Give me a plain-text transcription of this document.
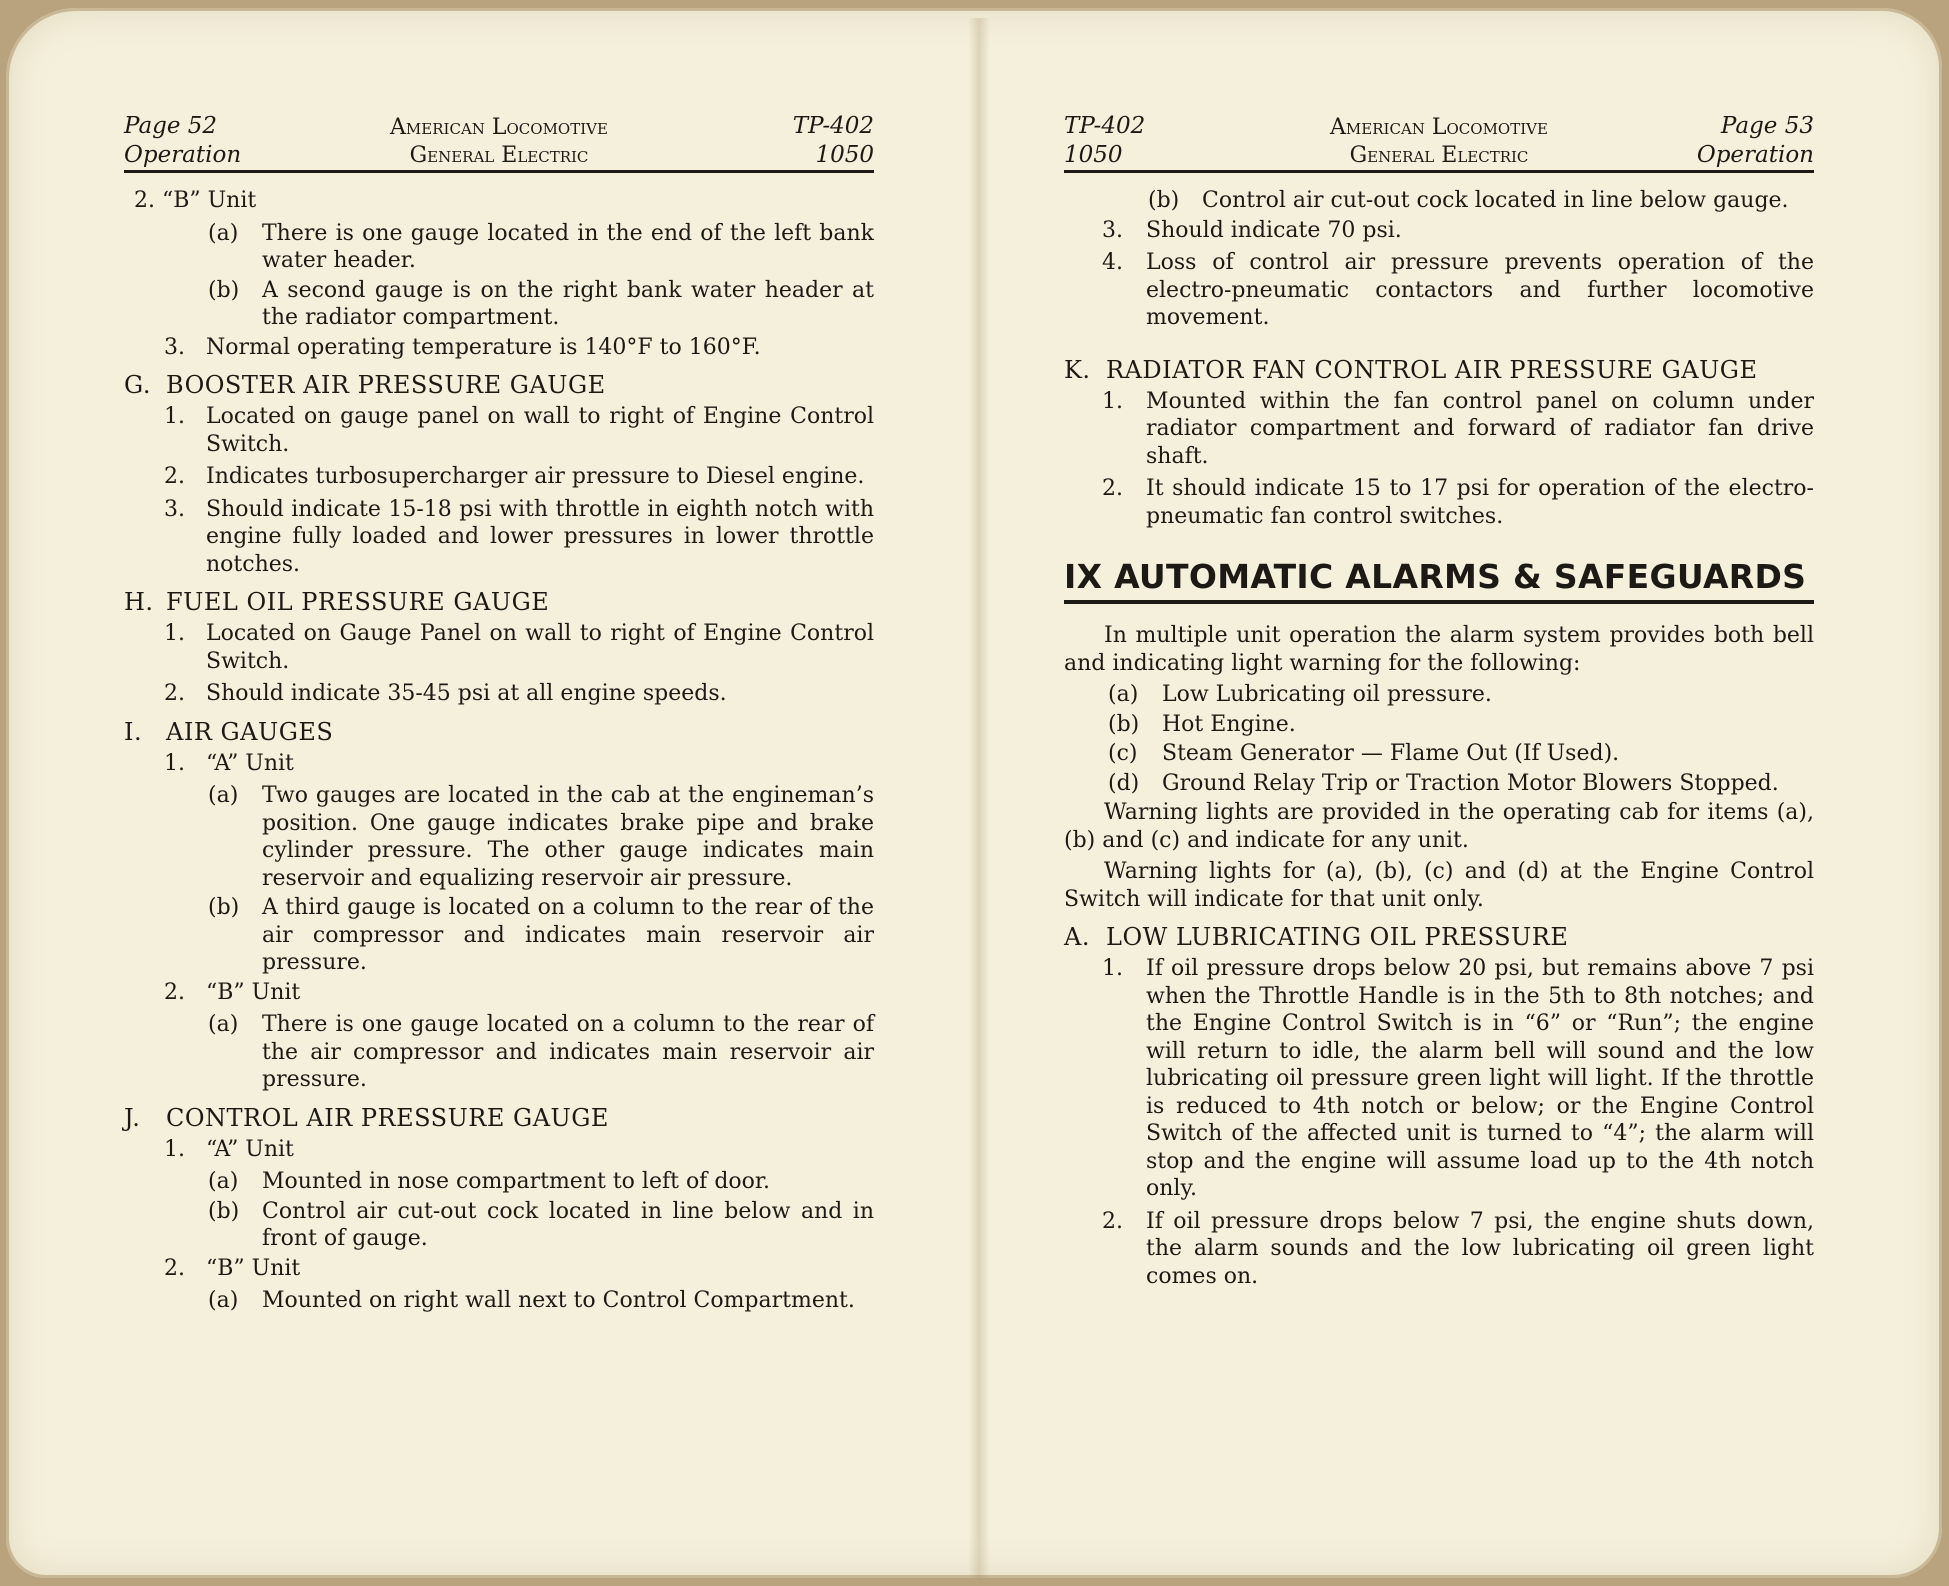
Page 52
Operation
American Locomotive
General Electric
TP-402
1050
2. “B” Unit
(a)	There is one gauge located in the end of the left bank water header.
(b)	A second gauge is on the right bank water header at the radiator compartment.
3. Normal operating temperature is 140°F to 160°F.
G. BOOSTER AIR PRESSURE GAUGE
1. Located on gauge panel on wall to right of Engine Control Switch.
2. Indicates turbosupercharger air pressure to Diesel engine.
3. Should indicate 15-18 psi with throttle in eighth notch with engine fully loaded and lower pressures in lower throttle notches.
H. FUEL OIL PRESSURE GAUGE
1. Located on Gauge Panel on wall to right of Engine Control Switch.
2. Should indicate 35-45 psi at all engine speeds.
I. AIR GAUGES
1. “A” Unit
(a)	Two gauges are located in the cab at the engineman’s position. One gauge indicates brake pipe and brake cylinder pressure. The other gauge indicates main reservoir and equalizing reservoir air pressure.
(b)	A third gauge is located on a column to the rear of the air compressor and indicates main reservoir air pressure.
2. “B” Unit
(a)	There is one gauge located on a column to the rear of the air compressor and indicates main reservoir air pressure.
J. CONTROL AIR PRESSURE GAUGE
1. “A” Unit
(a)	Mounted in nose compartment to left of door.
(b)	Control air cut-out cock located in line below and in front of gauge.
2. “B” Unit
(a)	Mounted on right wall next to Control Compartment.
TP-402
1050
American Locomotive
General Electric
Page 53
Operation
(b)	Control air cut-out cock located in line below gauge.
3.	Should indicate 70 psi.
4.	Loss of control air pressure prevents operation of the electro-pneumatic contactors and further locomotive movement.
K. RADIATOR FAN CONTROL AIR PRESSURE GAUGE
1.	Mounted within the fan control panel on column under radiator compartment and forward of radiator fan drive shaft.
2.	It should indicate 15 to 17 psi for operation of the electro-pneumatic fan control switches.
IX AUTOMATIC ALARMS & SAFEGUARDS
In multiple unit operation the alarm system provides both bell and indicating light warning for the following:
(a)	Low Lubricating oil pressure.
(b)	Hot Engine.
(c)	Steam Generator — Flame Out (If Used).
(d)	Ground Relay Trip or Traction Motor Blowers Stopped.
Warning lights are provided in the operating cab for items (a), (b) and (c) and indicate for any unit.
Warning lights for (a), (b), (c) and (d) at the Engine Control Switch will indicate for that unit only.
A. LOW LUBRICATING OIL PRESSURE
1.	If oil pressure drops below 20 psi, but remains above 7 psi when the Throttle Handle is in the 5th to 8th notches; and the Engine Control Switch is in “6” or “Run”; the engine will return to idle, the alarm bell will sound and the low lubricating oil pressure green light will light. If the throttle is reduced to 4th notch or below; or the Engine Control Switch of the affected unit is turned to “4”; the alarm will stop and the engine will assume load up to the 4th notch only.
2.	If oil pressure drops below 7 psi, the engine shuts down, the alarm sounds and the low lubricating oil green light comes on.
